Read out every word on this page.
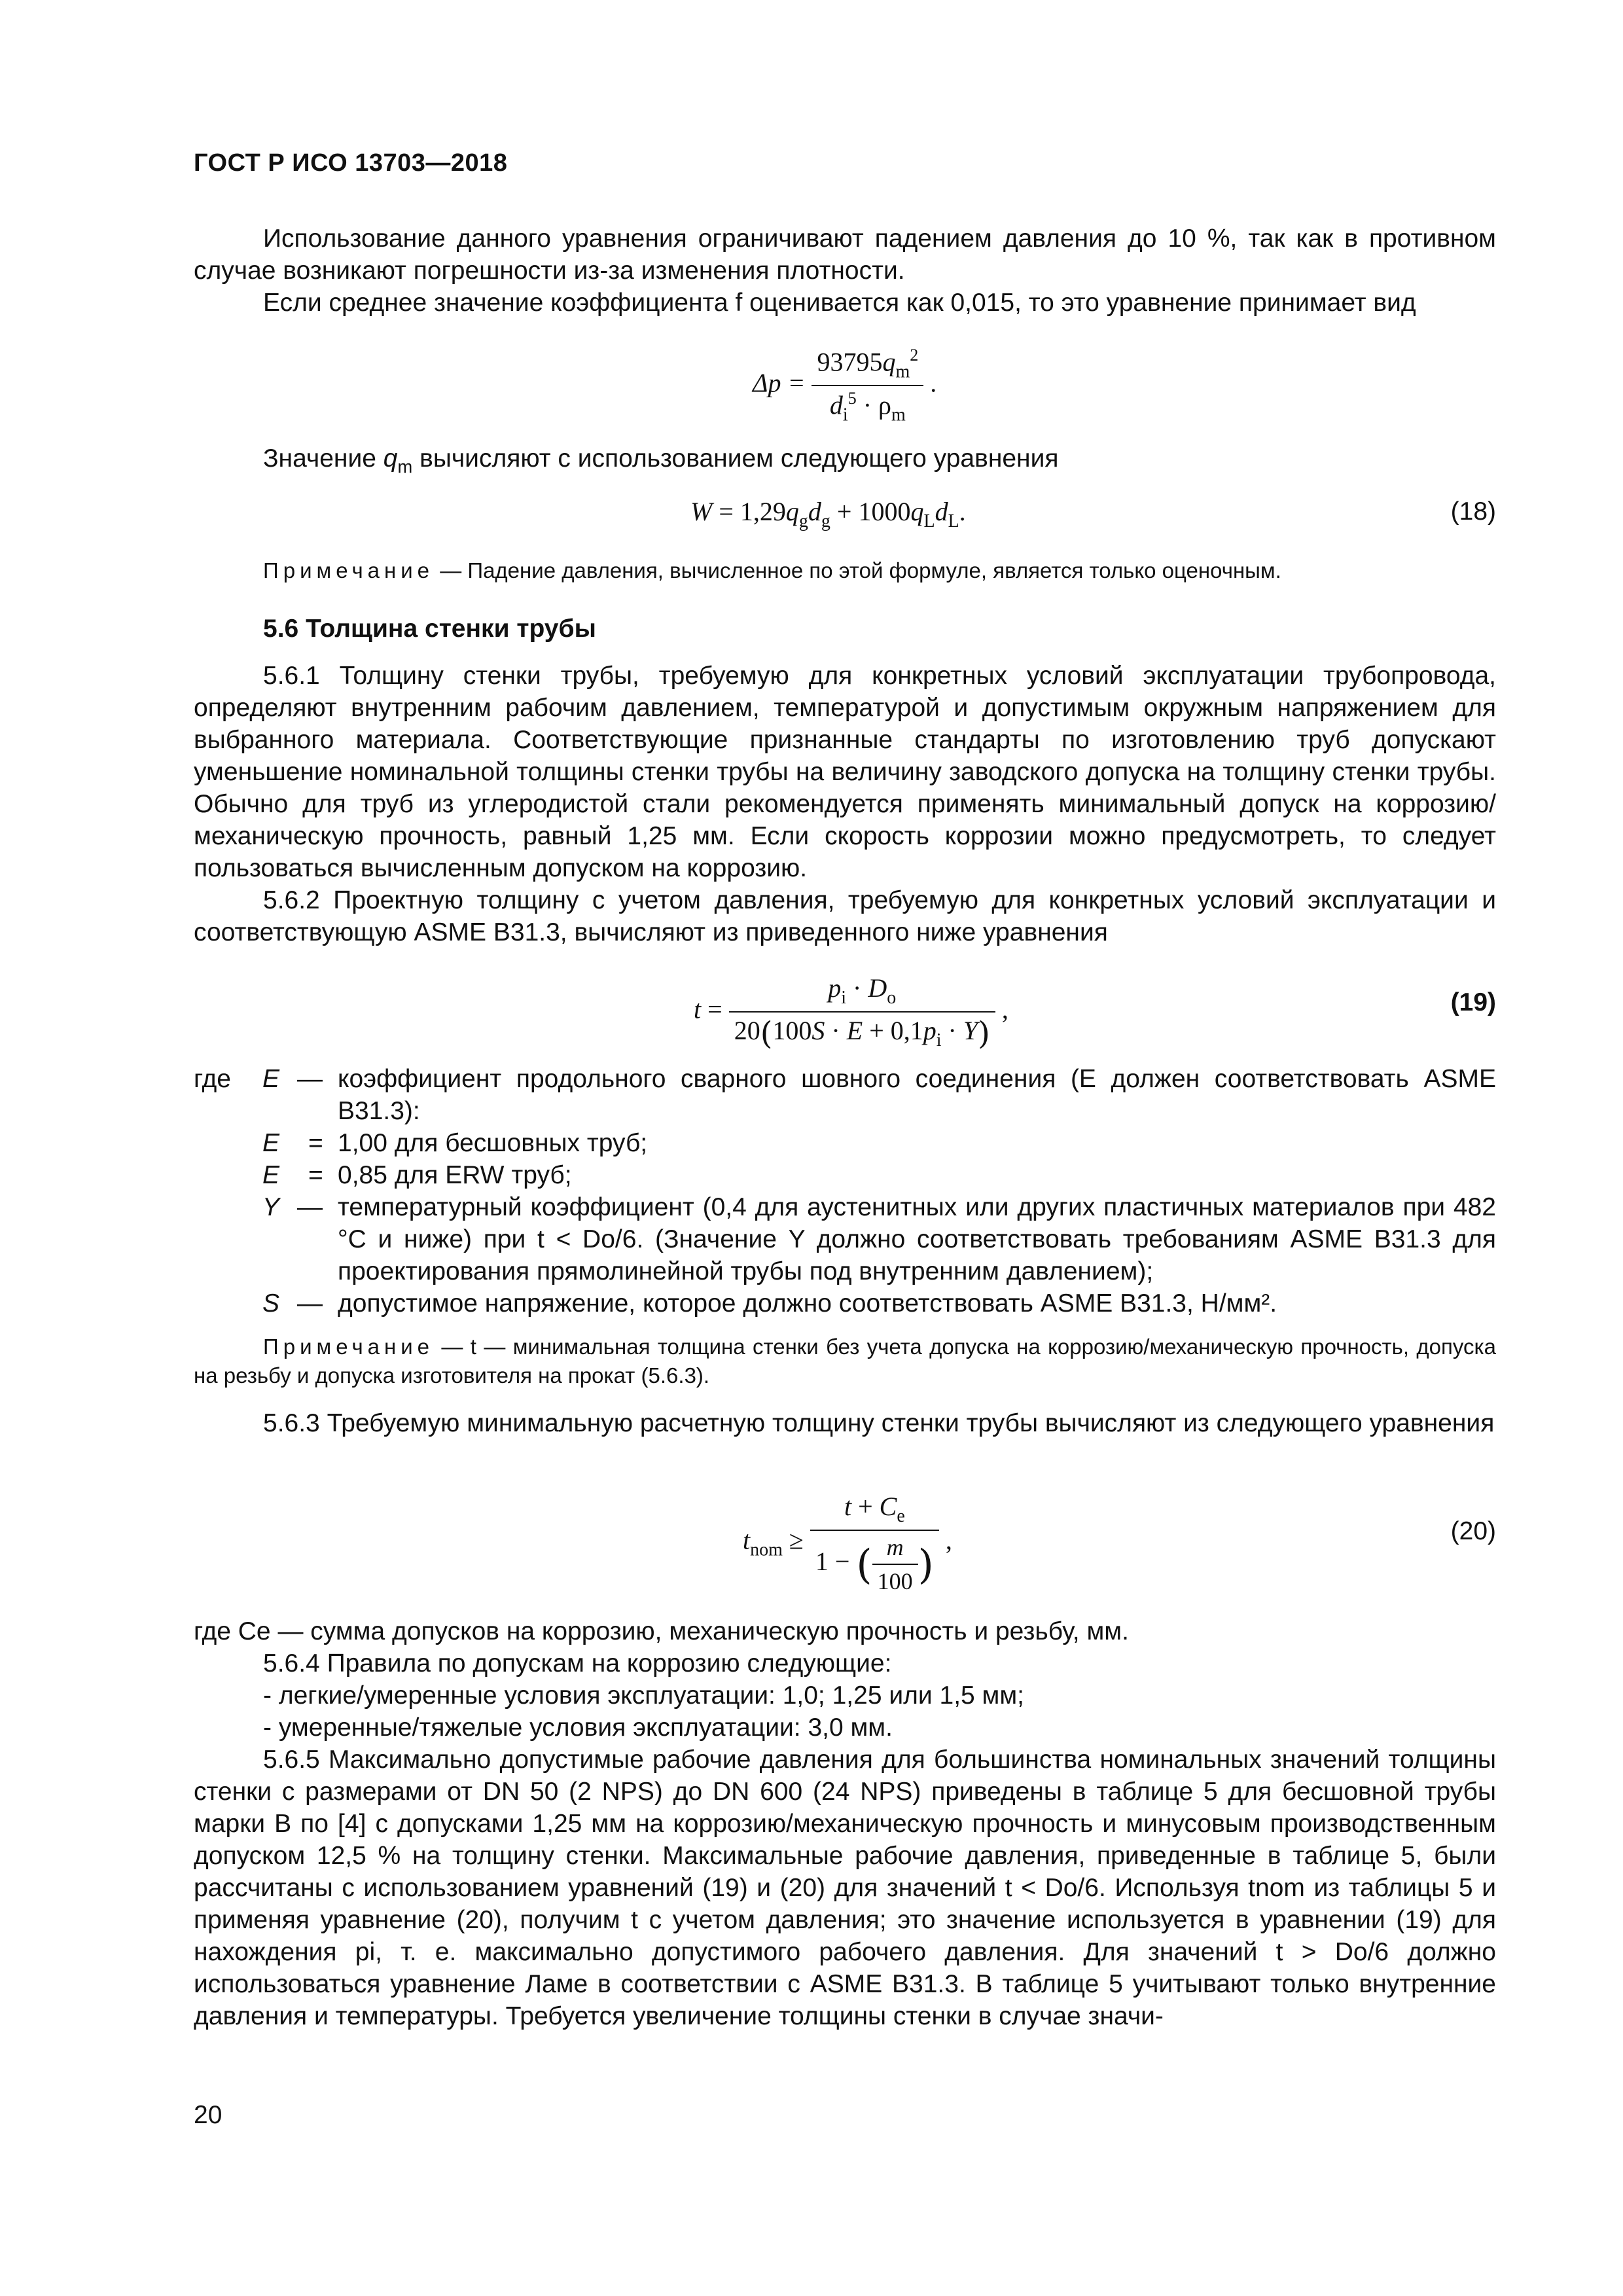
ГОСТ Р ИСО 13703—2018

Использование данного уравнения ограничивают падением давления до 10 %, так как в противном случае возникают погрешности из-за изменения плотности.

Если среднее значение коэффициента f оценивается как 0,015, то это уравнение принимает вид

$\Delta p = \frac{93795q_m^2}{d_i^5 \cdot \rho_m}$ .

Значение $q_m$ вычисляют с использованием следующего уравнения

$W = 1,29q_gd_g + 1000q_Ld_L$.	(18)

Примечание — Падение давления, вычисленное по этой формуле, является только оценочным.

5.6 Толщина стенки трубы

5.6.1 Толщину стенки трубы, требуемую для конкретных условий эксплуатации трубопровода, определяют внутренним рабочим давлением, температурой и допустимым окружным напряжением для выбранного материала. Соответствующие признанные стандарты по изготовлению труб допускают уменьшение номинальной толщины стенки трубы на величину заводского допуска на толщину стенки трубы. Обычно для труб из углеродистой стали рекомендуется применять минимальный допуск на коррозию/механическую прочность, равный 1,25 мм. Если скорость коррозии можно предусмотреть, то следует пользоваться вычисленным допуском на коррозию.

5.6.2 Проектную толщину с учетом давления, требуемую для конкретных условий эксплуатации и соответствующую ASME B31.3, вычисляют из приведенного ниже уравнения

$t = \frac{p_i \cdot D_o}{20(100S \cdot E + 0,1p_i \cdot Y)}$ ,	(19)
где E — коэффициент продольного сварного шовного соединения (E должен соответствовать ASME B31.3):
E = 1,00 для бесшовных труб;
E = 0,85 для ERW труб;
Y — температурный коэффициент (0,4 для аустенитных или других пластичных материалов при 482 °C и ниже) при t < Dо/6. (Значение Y должно соответствовать требованиям ASME B31.3 для проектирования прямолинейной трубы под внутренним давлением);
S — допустимое напряжение, которое должно соответствовать ASME B31.3, Н/мм².

Примечание — t — минимальная толщина стенки без учета допуска на коррозию/механическую прочность, допуска на резьбу и допуска изготовителя на прокат (5.6.3).

5.6.3 Требуемую минимальную расчетную толщину стенки трубы вычисляют из следующего уравнения

$t_{nom} \ge \frac{t + C_e}{1 - ( \frac{m}{100} )}$ ,	(20)

где Cе — сумма допусков на коррозию, механическую прочность и резьбу, мм.

5.6.4 Правила по допускам на коррозию следующие:

- легкие/умеренные условия эксплуатации: 1,0; 1,25 или 1,5 мм;

- умеренные/тяжелые условия эксплуатации: 3,0 мм.

5.6.5 Максимально допустимые рабочие давления для большинства номинальных значений толщины стенки с размерами от DN 50 (2 NPS) до DN 600 (24 NPS) приведены в таблице 5 для бесшовной трубы марки B по [4] с допусками 1,25 мм на коррозию/механическую прочность и минусовым производственным допуском 12,5 % на толщину стенки. Максимальные рабочие давления, приведенные в таблице 5, были рассчитаны с использованием уравнений (19) и (20) для значений t < Dо/6. Используя tnom из таблицы 5 и применяя уравнение (20), получим t с учетом давления; это значение используется в уравнении (19) для нахождения pi, т. е. максимально допустимого рабочего давления. Для значений t > Dо/6 должно использоваться уравнение Ламе в соответствии с ASME B31.3. В таблице 5 учитывают только внутренние давления и температуры. Требуется увеличение толщины стенки в случае значи-

20
